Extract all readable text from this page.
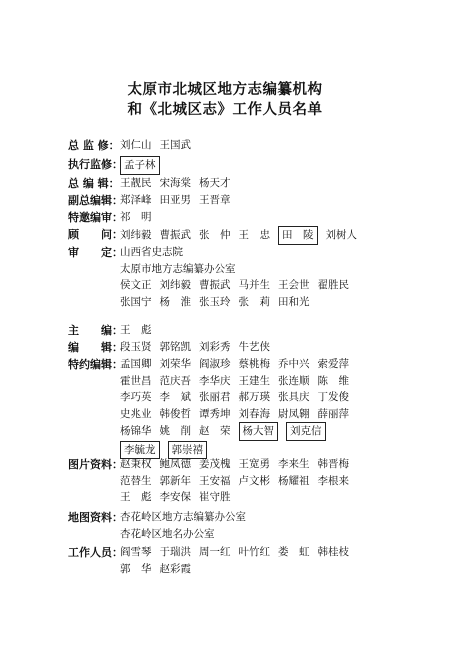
太原市北城区地方志编纂机构
和《北城区志》工作人员名单
总 监 修： 刘仁山 王国武
执行监修： 孟子林
总 编 辑： 王靓民 宋海棠 杨天才
副总编辑：
郑泽峰 田亚男 王晋章
特邀编审：
祁　明
顾　　问：
刘纬毅 曹振武 张　仲 王　忠 田　陵 刘树人
审　　定：
山西省史志院
太原市地方志编纂办公室
侯文正 刘纬毅 曹振武 马并生 王会世 翟胜民
张国宁 杨　淮 张玉玲 张　莉 田和光
主　　编：
王　彪
编　　辑：
段玉贤 郭铭凯 刘彩秀 牛艺侠
特约编辑：
孟国卿 刘荣华 阎淑珍 蔡桃梅 乔中兴 索爱萍
霍世昌 范庆吾 李华庆 王建生 张连顺 陈　维
李巧英 李　斌 张丽君 郝万瑛 张具庆 丁发俊
史兆业 韩俊哲 谭秀坤 刘春海 尉凤翱 薛丽萍
杨锦华 姚　削 赵　荣 杨大智 刘克信
李毓龙 郭崇禧
图片资料：
赵秉权 鲍凤德 姜茂槐 王宽勇 李来生 韩晋梅
范替生 郭新年 王安福 卢文彬 杨耀祖 李根来
王　彪 李安保 崔守胜
地图资料：
杏花岭区地方志编纂办公室
杏花岭区地名办公室
工作人员：
阎雪琴 于瑞洪 周一红 叶竹红 娄　虹 韩桂枝
郭　华 赵彩霞
